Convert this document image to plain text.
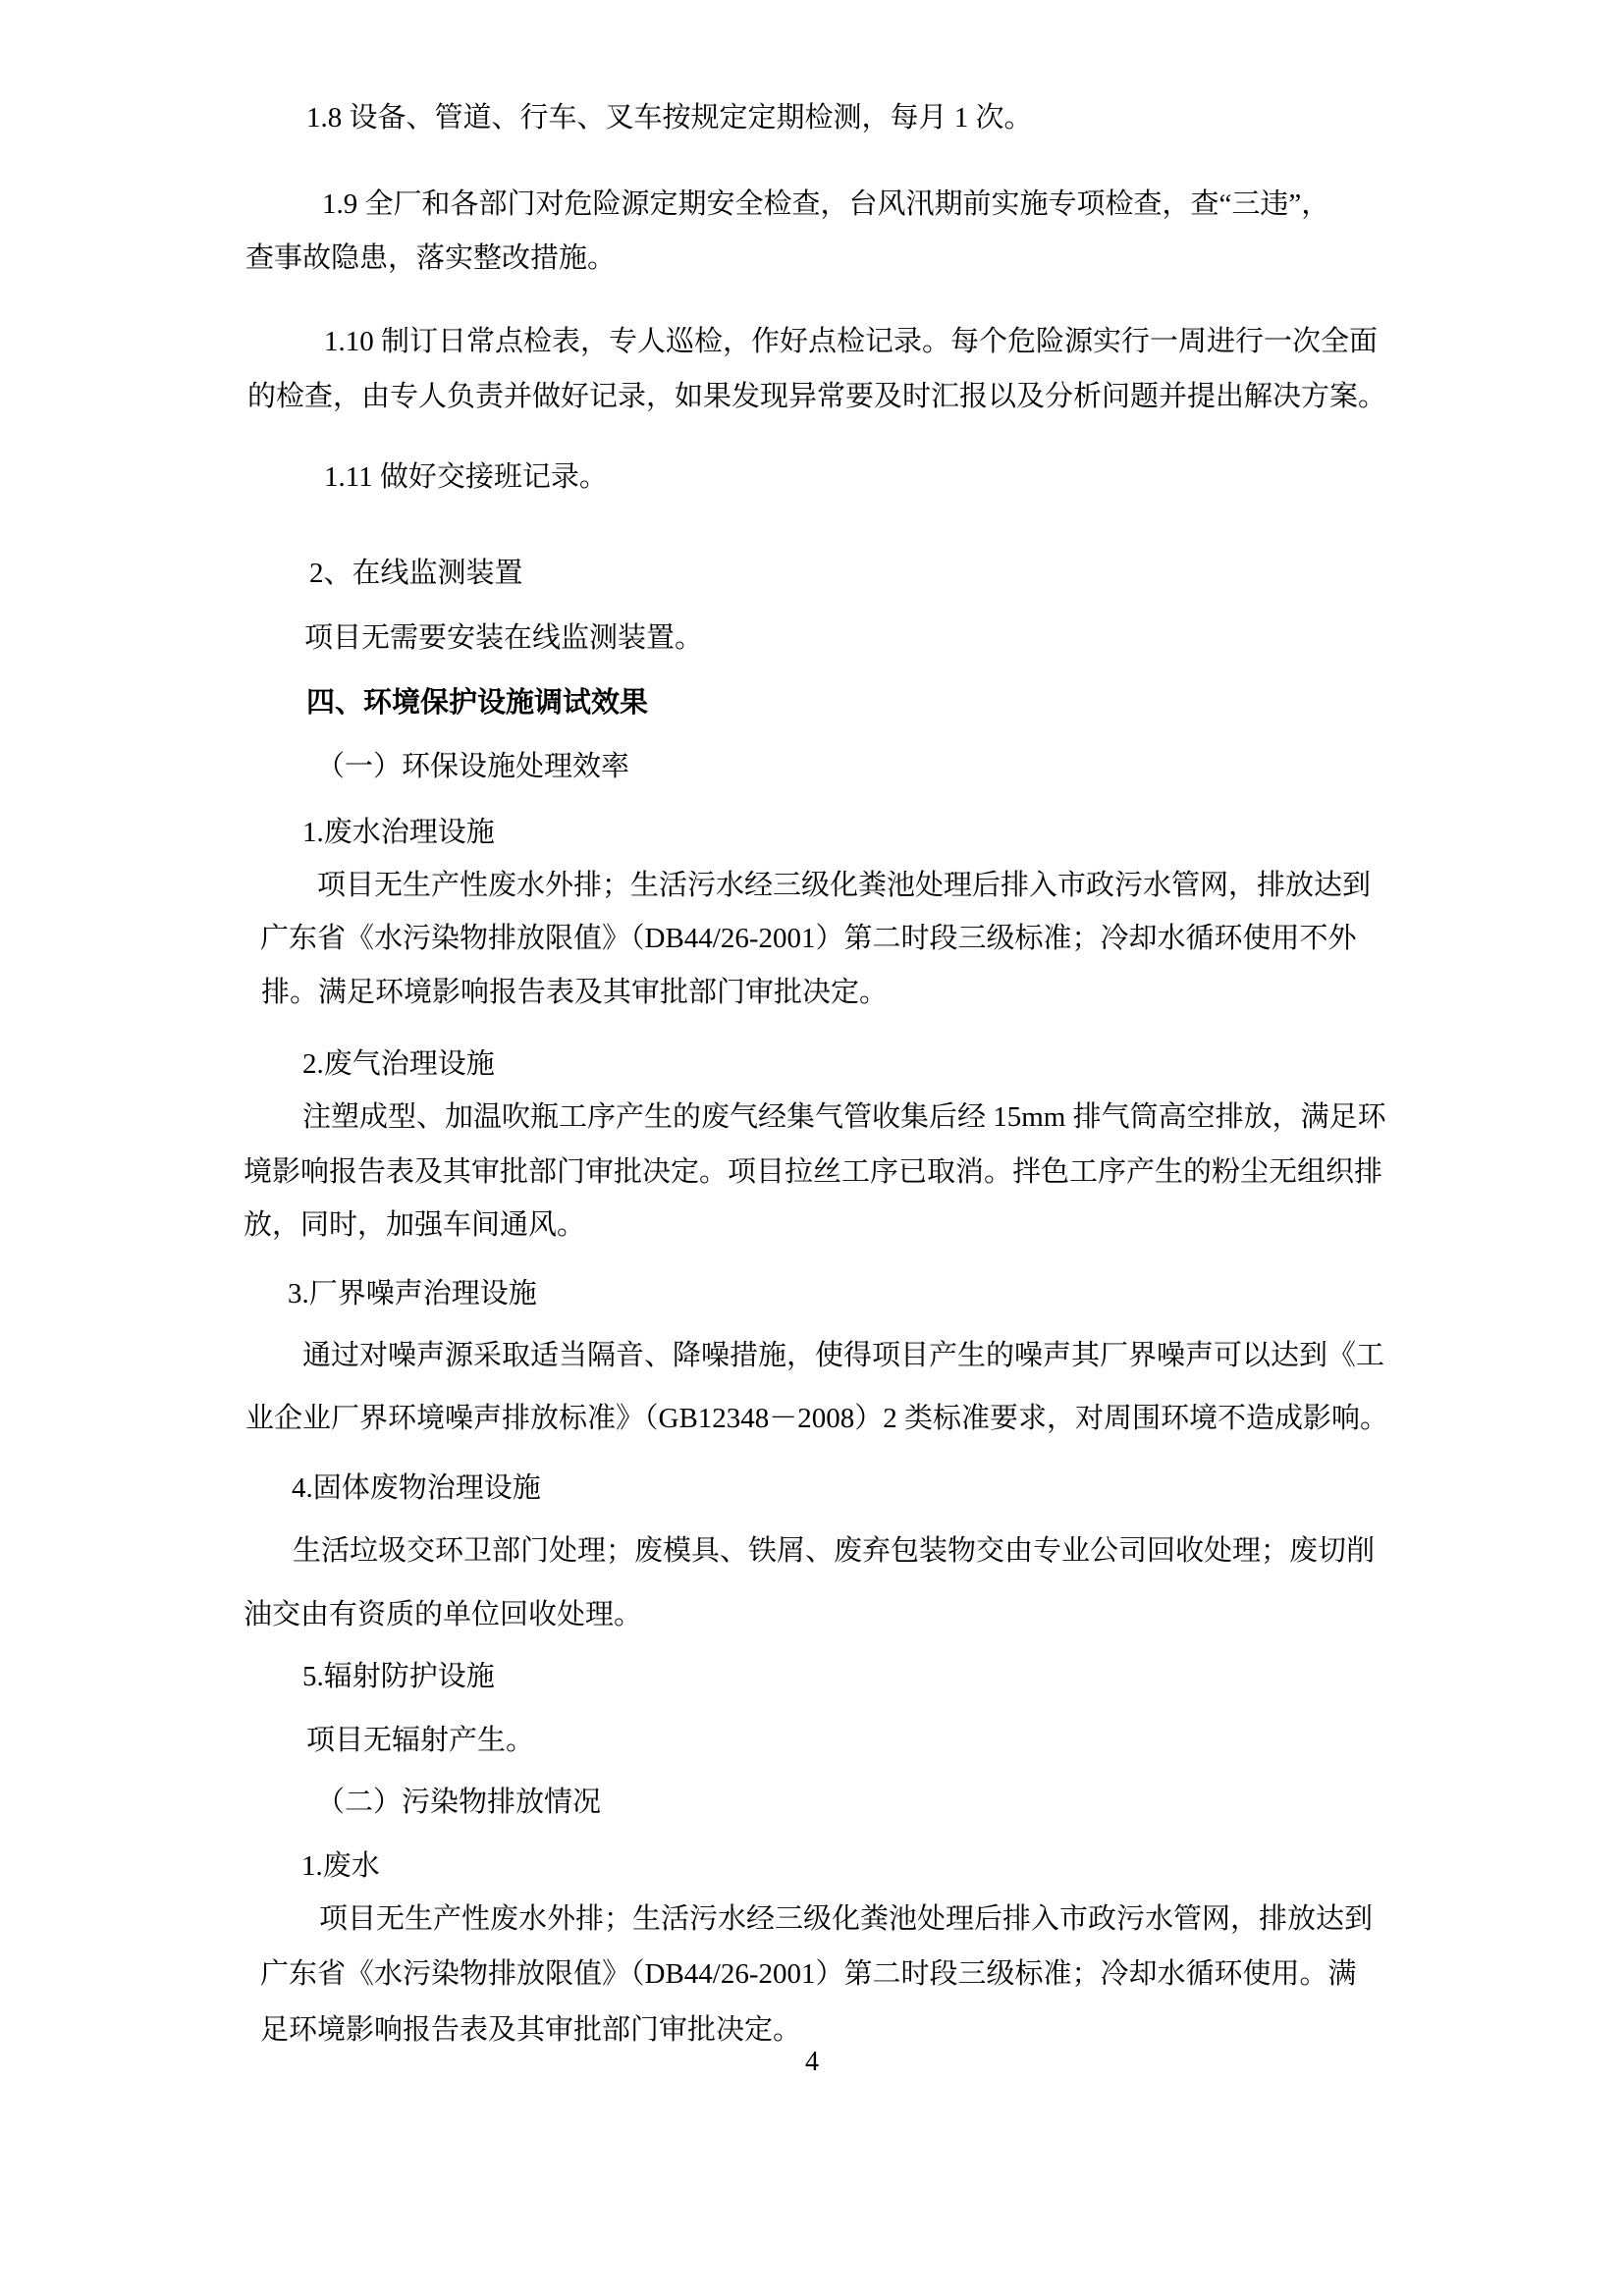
1.8 设备、管道、行车、叉车按规定定期检测，每月 1 次。
1.9 全厂和各部门对危险源定期安全检查，台风汛期前实施专项检查，查“三违”，
查事故隐患，落实整改措施。
1.10 制订日常点检表，专人巡检，作好点检记录。每个危险源实行一周进行一次全面
的检查，由专人负责并做好记录，如果发现异常要及时汇报以及分析问题并提出解决方案。
1.11 做好交接班记录。
2、在线监测装置
项目无需要安装在线监测装置。
四、环境保护设施调试效果
（一）环保设施处理效率
1.废水治理设施
项目无生产性废水外排；生活污水经三级化粪池处理后排入市政污水管网，排放达到
广东省《水污染物排放限值》（DB44/26-2001）第二时段三级标准；冷却水循环使用不外
排。满足环境影响报告表及其审批部门审批决定。
2.废气治理设施
注塑成型、加温吹瓶工序产生的废气经集气管收集后经 15mm 排气筒高空排放，满足环
境影响报告表及其审批部门审批决定。项目拉丝工序已取消。拌色工序产生的粉尘无组织排
放，同时，加强车间通风。
3.厂界噪声治理设施
通过对噪声源采取适当隔音、降噪措施，使得项目产生的噪声其厂界噪声可以达到《工
业企业厂界环境噪声排放标准》（GB12348－2008）2 类标准要求，对周围环境不造成影响。
4.固体废物治理设施
生活垃圾交环卫部门处理；废模具、铁屑、废弃包装物交由专业公司回收处理；废切削
油交由有资质的单位回收处理。
5.辐射防护设施
项目无辐射产生。
（二）污染物排放情况
1.废水
项目无生产性废水外排；生活污水经三级化粪池处理后排入市政污水管网，排放达到
广东省《水污染物排放限值》（DB44/26-2001）第二时段三级标准；冷却水循环使用。满
足环境影响报告表及其审批部门审批决定。
4
